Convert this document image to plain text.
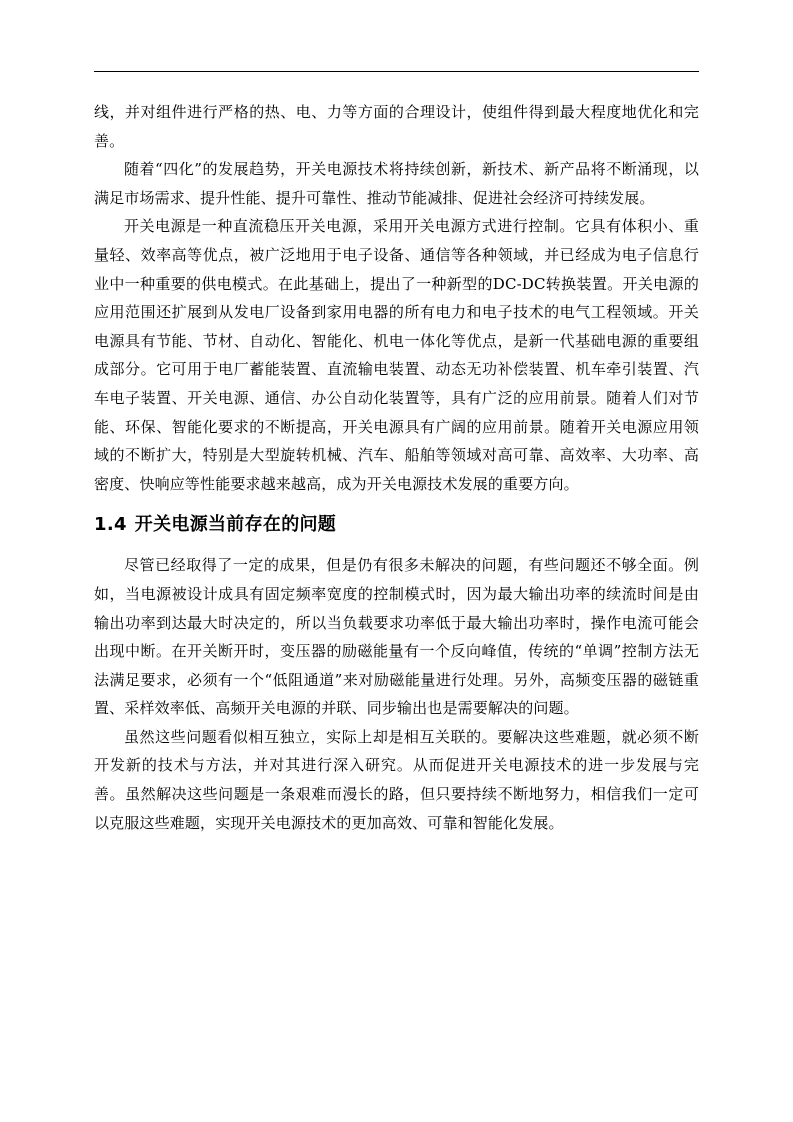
线，并对组件进行严格的热、电、力等方面的合理设计，使组件得到最大程度地优化和完善。

随着“四化”的发展趋势，开关电源技术将持续创新，新技术、新产品将不断涌现，以满足市场需求、提升性能、提升可靠性、推动节能减排、促进社会经济可持续发展。

开关电源是一种直流稳压开关电源，采用开关电源方式进行控制。它具有体积小、重量轻、效率高等优点，被广泛地用于电子设备、通信等各种领域，并已经成为电子信息行业中一种重要的供电模式。在此基础上，提出了一种新型的DC-DC转换装置。开关电源的应用范围还扩展到从发电厂设备到家用电器的所有电力和电子技术的电气工程领域。开关电源具有节能、节材、自动化、智能化、机电一体化等优点，是新一代基础电源的重要组成部分。它可用于电厂蓄能装置、直流输电装置、动态无功补偿装置、机车牵引装置、汽车电子装置、开关电源、通信、办公自动化装置等，具有广泛的应用前景。随着人们对节能、环保、智能化要求的不断提高，开关电源具有广阔的应用前景。随着开关电源应用领域的不断扩大，特别是大型旋转机械、汽车、船舶等领域对高可靠、高效率、大功率、高密度、快响应等性能要求越来越高，成为开关电源技术发展的重要方向。

1.4 开关电源当前存在的问题

尽管已经取得了一定的成果，但是仍有很多未解决的问题，有些问题还不够全面。例如，当电源被设计成具有固定频率宽度的控制模式时，因为最大输出功率的续流时间是由输出功率到达最大时决定的，所以当负载要求功率低于最大输出功率时，操作电流可能会出现中断。在开关断开时，变压器的励磁能量有一个反向峰值，传统的“单调”控制方法无法满足要求，必须有一个“低阻通道”来对励磁能量进行处理。另外，高频变压器的磁链重置、采样效率低、高频开关电源的并联、同步输出也是需要解决的问题。

虽然这些问题看似相互独立，实际上却是相互关联的。要解决这些难题，就必须不断开发新的技术与方法，并对其进行深入研究。从而促进开关电源技术的进一步发展与完善。虽然解决这些问题是一条艰难而漫长的路，但只要持续不断地努力，相信我们一定可以克服这些难题，实现开关电源技术的更加高效、可靠和智能化发展。
